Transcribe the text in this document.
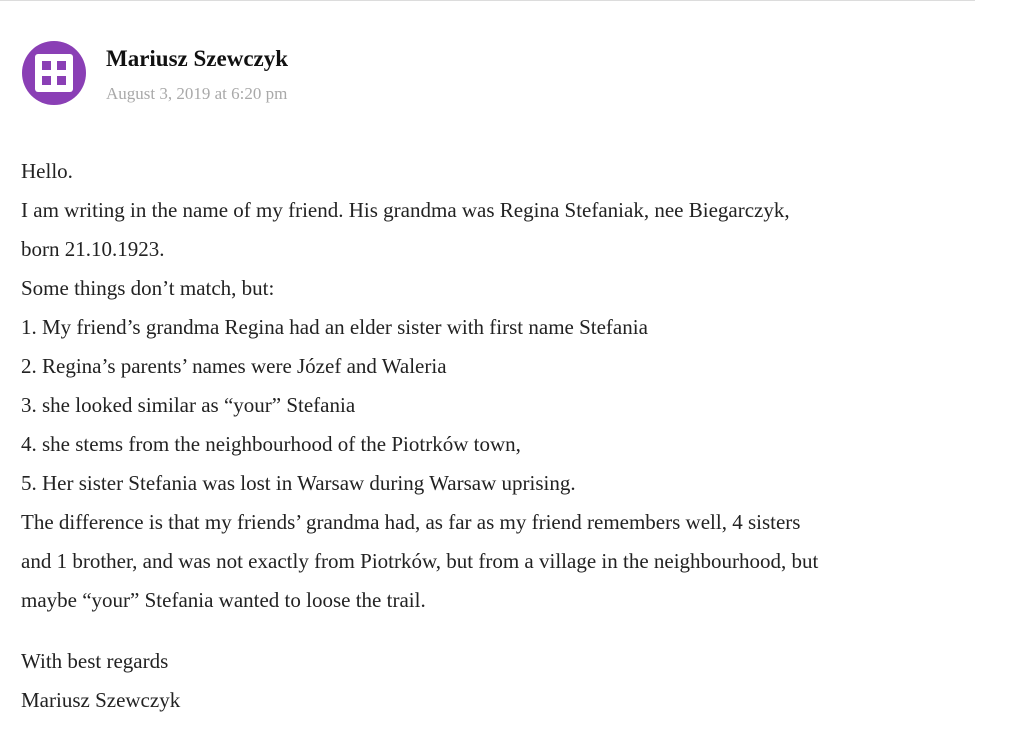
Mariusz Szewczyk
August 3, 2019 at 6:20 pm

Hello.

I am writing in the name of my friend. His grandma was Regina Stefaniak, nee Biegarczyk,

born 21.10.1923.

Some things don’t match, but:

1. My friend’s grandma Regina had an elder sister with first name Stefania

2. Regina’s parents’ names were Józef and Waleria

3. she looked similar as “your” Stefania

4. she stems from the neighbourhood of the Piotrków town,

5. Her sister Stefania was lost in Warsaw during Warsaw uprising.

The difference is that my friends’ grandma had, as far as my friend remembers well, 4 sisters

and 1 brother, and was not exactly from Piotrków, but from a village in the neighbourhood, but

maybe “your” Stefania wanted to loose the trail.

With best regards

Mariusz Szewczyk
